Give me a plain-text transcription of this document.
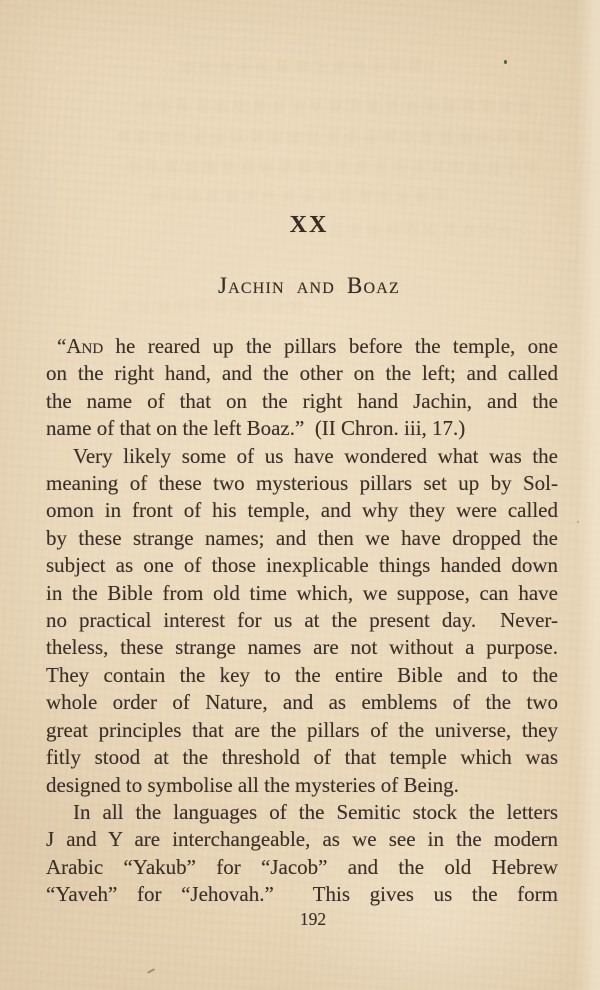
XX
Jachin and Boaz
“And he reared up the pillars before the temple, one
on the right hand, and the other on the left; and called
the name of that on the right hand Jachin, and the
name of that on the left Boaz.”  (II Chron. iii, 17.)
Very likely some of us have wondered what was the
meaning of these two mysterious pillars set up by Sol-
omon in front of his temple, and why they were called
by these strange names; and then we have dropped the
subject as one of those inexplicable things handed down
in the Bible from old time which, we suppose, can have
no practical interest for us at the present day.  Never-
theless, these strange names are not without a purpose.
They contain the key to the entire Bible and to the
whole order of Nature, and as emblems of the two
great principles that are the pillars of the universe, they
fitly stood at the threshold of that temple which was
designed to symbolise all the mysteries of Being.
In all the languages of the Semitic stock the letters
J and Y are interchangeable, as we see in the modern
Arabic “Yakub” for “Jacob” and the old Hebrew
“Yaveh” for “Jehovah.”  This gives us the form
192
